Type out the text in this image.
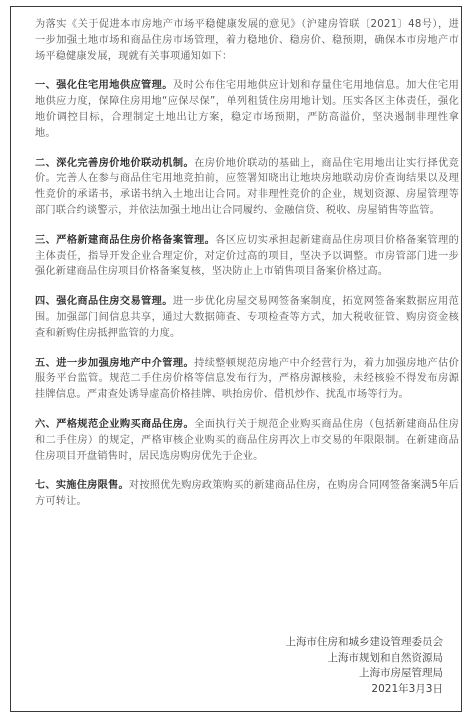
为落实《关于促进本市房地产市场平稳健康发展的意见》（沪建房管联〔2021〕48号），进一步加强土地市场和商品住房市场管理，着力稳地价、稳房价、稳预期，确保本市房地产市场平稳健康发展，现就有关事项通知如下：

一、强化住宅用地供应管理。及时公布住宅用地供应计划和存量住宅用地信息。加大住宅用地供应力度，保障住房用地“应保尽保”，单列租赁住房用地计划。压实各区主体责任，强化地价调控目标，合理制定土地出让方案，稳定市场预期，严防高溢价，坚决遏制非理性拿地。

二、深化完善房价地价联动机制。在房价地价联动的基础上，商品住宅用地出让实行择优竞价。完善人在参与商品住宅用地竞拍前，应签署知晓出让地块房地联动房价查询结果以及理性竞价的承诺书，承诺书纳入土地出让合同。对非理性竞价的企业，规划资源、房屋管理等部门联合约谈警示，并依法加强土地出让合同履约、金融信贷、税收、房屋销售等监管。

三、严格新建商品住房价格备案管理。各区应切实承担起新建商品住房项目价格备案管理的主体责任，指导开发企业合理定价，对定价过高的项目，坚决予以调整。市房管部门进一步强化新建商品住房项目价格备案复核，坚决防止上市销售项目备案价格过高。

四、强化商品住房交易管理。进一步优化房屋交易网签备案制度，拓宽网签备案数据应用范围。加强部门间信息共享，通过大数据筛查、专项检查等方式，加大税收征管、购房资金核查和新购住房抵押监管的力度。

五、进一步加强房地产中介管理。持续整顿规范房地产中介经营行为，着力加强房地产估价服务平台监管。规范二手住房价格等信息发布行为，严格房源核验，未经核验不得发布房源挂牌信息。严肃查处诱导虚高价格挂牌、哄抬房价、借机炒作、扰乱市场等行为。

六、严格规范企业购买商品住房。全面执行关于规范企业购买商品住房（包括新建商品住房和二手住房）的规定，严格审核企业购买的商品住房再次上市交易的年限限制。在新建商品住房项目开盘销售时，居民选房购房优先于企业。

七、实施住房限售。对按照优先购房政策购买的新建商品住房，在购房合同网签备案满5年后方可转让。

上海市住房和城乡建设管理委员会
上海市规划和自然资源局
上海市房屋管理局
2021年3月3日
